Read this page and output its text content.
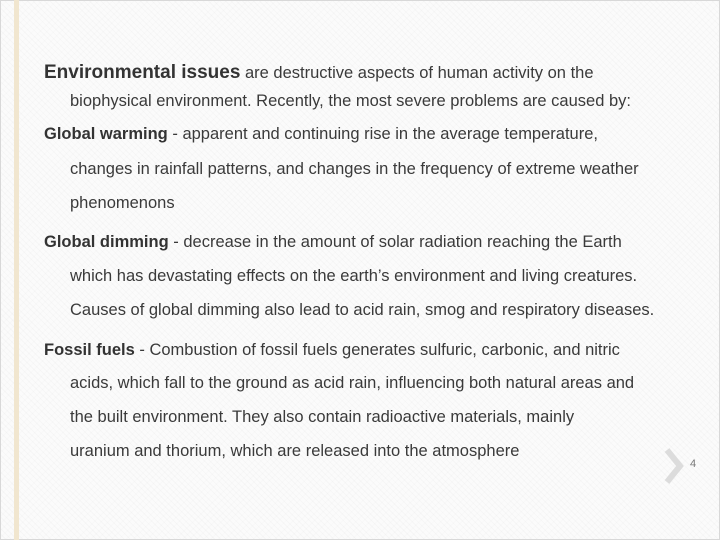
Environmental issues are destructive aspects of human activity on the
biophysical environment. Recently, the most severe problems are caused by:
Global warming - apparent and continuing rise in the average temperature,
changes in rainfall patterns, and changes in the frequency of extreme weather
phenomenons
Global dimming - decrease in the amount of solar radiation reaching the Earth
which has devastating effects on the earth’s environment and living creatures.
Causes of global dimming also lead to acid rain, smog and respiratory diseases.
Fossil fuels - Combustion of fossil fuels generates sulfuric, carbonic, and nitric
acids, which fall to the ground as acid rain, influencing both natural areas and
the built environment. They also contain radioactive materials, mainly
uranium and thorium, which are released into the atmosphere
4
